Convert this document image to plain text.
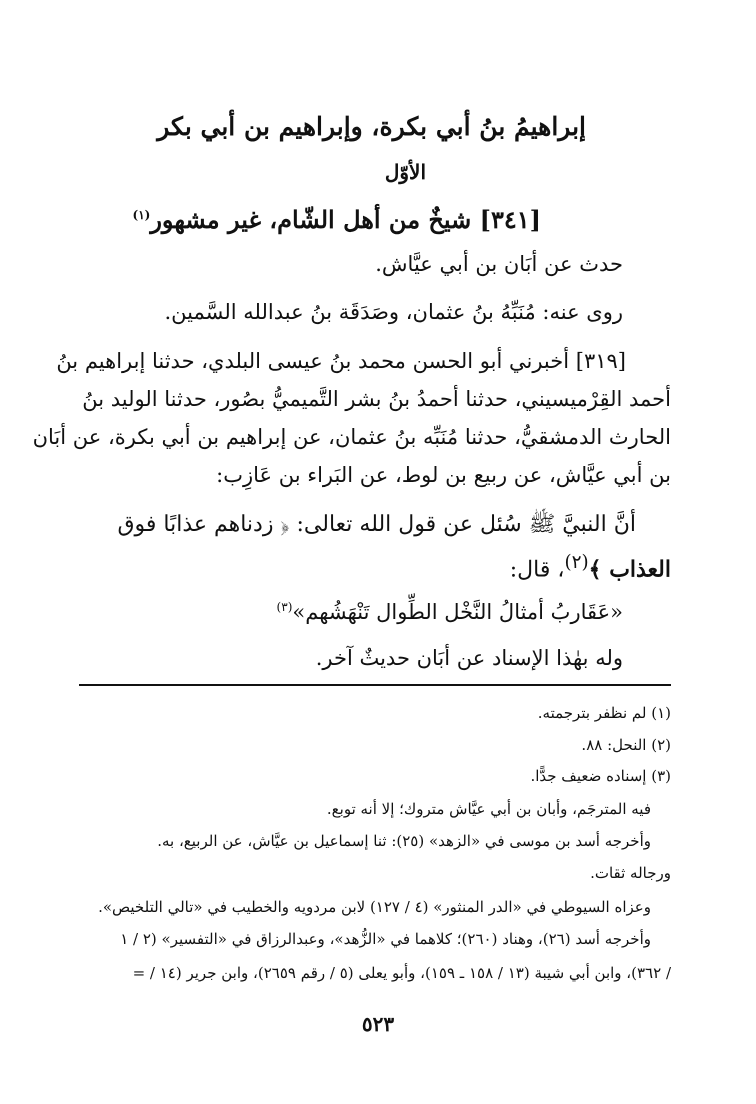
إبراهيمُ بنُ أبي بكرة، وإبراهيم بن أبي بكر
الأوّل
[٣٤١] شيخٌ من أهل الشّام، غير مشهور$^{(١)}$
حدث عن أبَان بن أبي عيَّاش.
روى عنه: مُنَبِّهُ بنُ عثمان، وصَدَقَة بنُ عبدالله السَّمين.
[٣١٩] أخبرني أبو الحسن محمد بنُ عيسى البلدي، حدثنا إبراهيم بنُ
أحمد القِرْميسيني، حدثنا أحمدُ بنُ بشر التَّميميُّ بصُور، حدثنا الوليد بنُ
الحارث الدمشقيُّ، حدثنا مُنَبِّه بنُ عثمان، عن إبراهيم بن أبي بكرة، عن أبَان
بن أبي عيَّاش، عن ربيع بن لوط، عن البَراء بن عَازِب:
أنَّ النبيَّ ﷺ سُئل عن قول الله تعالى: ﴿ زدناهم عذابًا فوق
العذاب ﴾$^{(٢)}$، قال:
«عَقَاربُ أمثالُ النَّخْل الطِّوال تَنْهَشُهم»$^{(٣)}$
وله بهٰذا الإسناد عن أبَان حديثٌ آخر.
(١) لم نظفر بترجمته.
(٢) النحل: ٨٨.
(٣) إسناده ضعيف جدًّا.
فيه المترجَم، وأبان بن أبي عيَّاش متروك؛ إلا أنه توبع.
وأخرجه أسد بن موسى في «الزهد» (٢٥): ثنا إسماعيل بن عيَّاش، عن الربيع، به.
ورجاله ثقات.
وعزاه السيوطي في «الدر المنثور» (٤ / ١٢٧) لابن مردويه والخطيب في «تالي التلخيص».
وأخرجه أسد (٢٦)، وهناد (٢٦٠)؛ كلاهما في «الزُّهد»، وعبدالرزاق في «التفسير» (٢ / ١
/ ٣٦٢)، وابن أبي شيبة (١٣ / ١٥٨ ـ ١٥٩)، وأبو يعلى (٥ / رقم ٢٦٥٩)، وابن جرير (١٤ / =
٥٢٣
